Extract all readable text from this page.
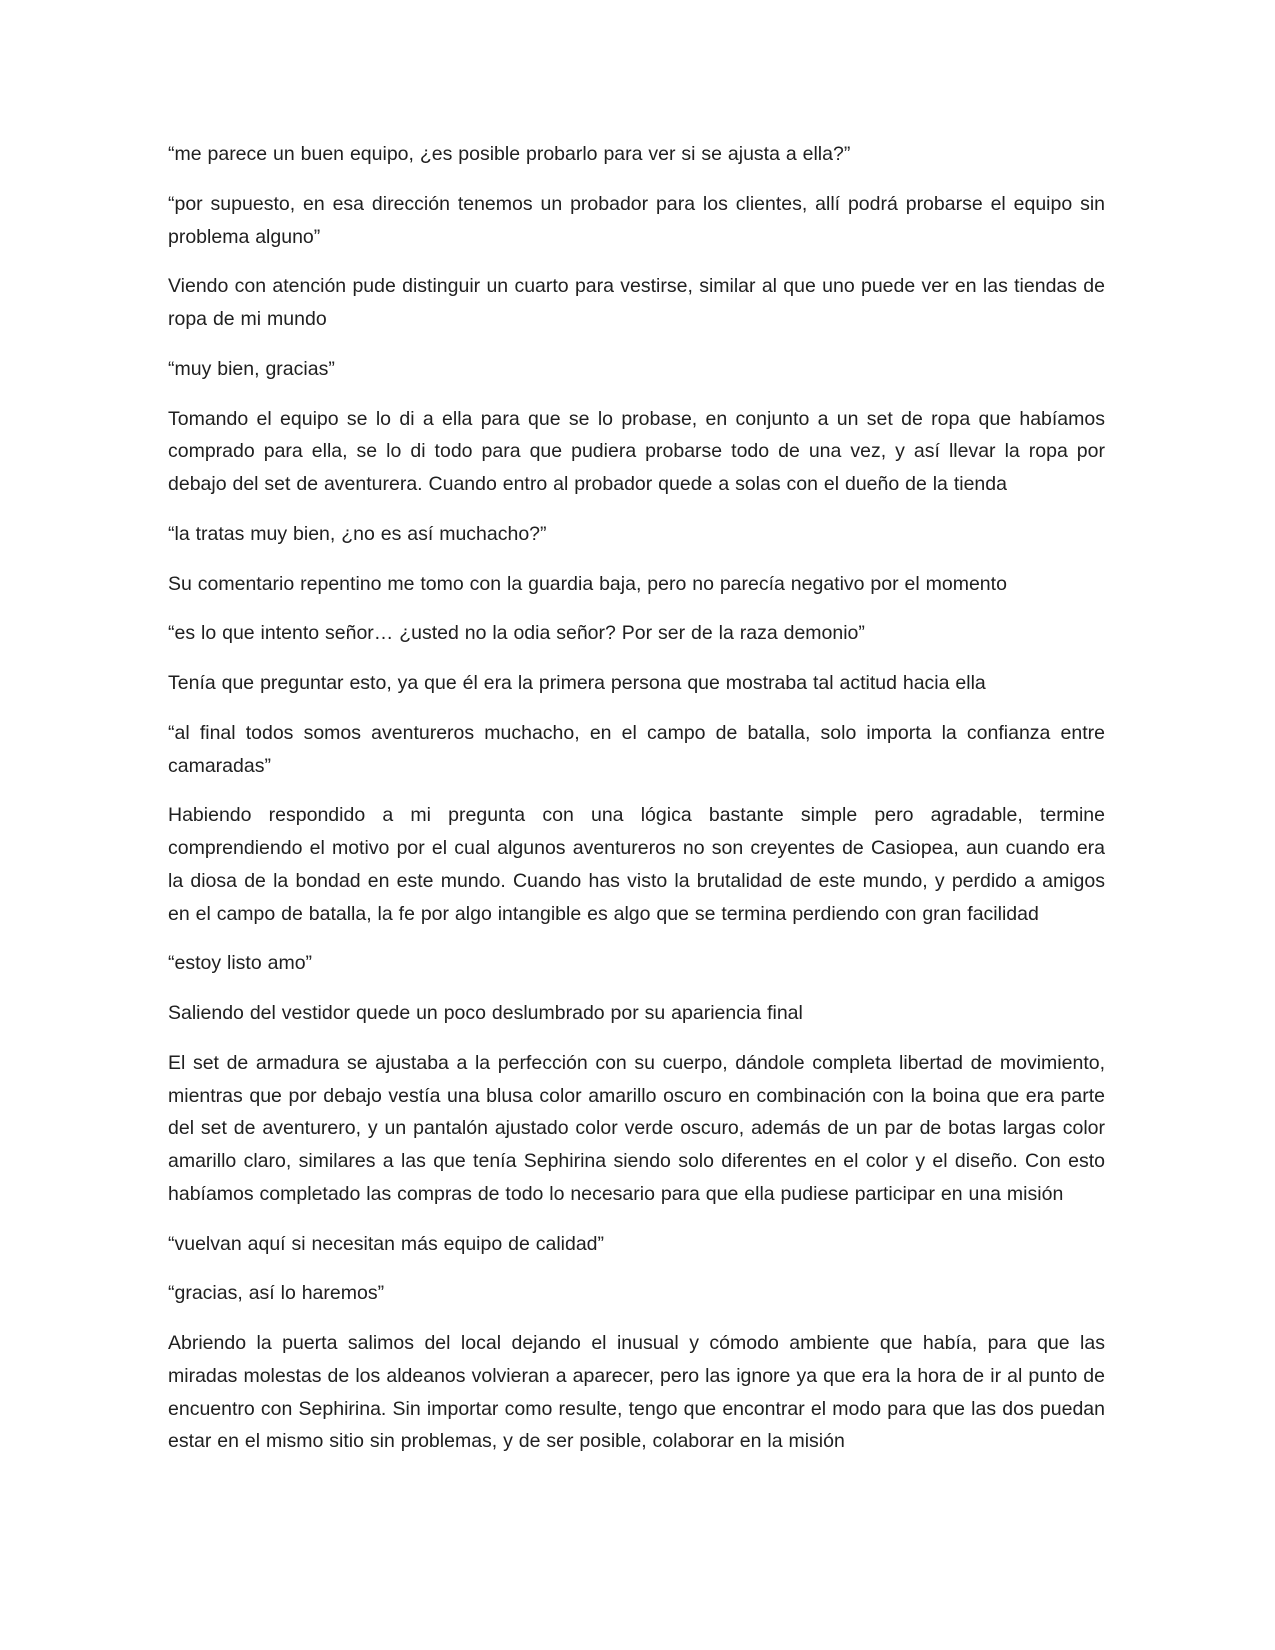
“me parece un buen equipo, ¿es posible probarlo para ver si se ajusta a ella?”

“por supuesto, en esa dirección tenemos un probador para los clientes, allí podrá probarse el equipo sin problema alguno”

Viendo con atención pude distinguir un cuarto para vestirse, similar al que uno puede ver en las tiendas de ropa de mi mundo

“muy bien, gracias”

Tomando el equipo se lo di a ella para que se lo probase, en conjunto a un set de ropa que habíamos comprado para ella, se lo di todo para que pudiera probarse todo de una vez, y así llevar la ropa por debajo del set de aventurera. Cuando entro al probador quede a solas con el dueño de la tienda

“la tratas muy bien, ¿no es así muchacho?”

Su comentario repentino me tomo con la guardia baja, pero no parecía negativo por el momento

“es lo que intento señor… ¿usted no la odia señor? Por ser de la raza demonio”

Tenía que preguntar esto, ya que él era la primera persona que mostraba tal actitud hacia ella

“al final todos somos aventureros muchacho, en el campo de batalla, solo importa la confianza entre camaradas”

Habiendo respondido a mi pregunta con una lógica bastante simple pero agradable, termine comprendiendo el motivo por el cual algunos aventureros no son creyentes de Casiopea, aun cuando era la diosa de la bondad en este mundo. Cuando has visto la brutalidad de este mundo, y perdido a amigos en el campo de batalla, la fe por algo intangible es algo que se termina perdiendo con gran facilidad

“estoy listo amo”

Saliendo del vestidor quede un poco deslumbrado por su apariencia final

El set de armadura se ajustaba a la perfección con su cuerpo, dándole completa libertad de movimiento, mientras que por debajo vestía una blusa color amarillo oscuro en combinación con la boina que era parte del set de aventurero, y un pantalón ajustado color verde oscuro, además de un par de botas largas color amarillo claro, similares a las que tenía Sephirina siendo solo diferentes en el color y el diseño. Con esto habíamos completado las compras de todo lo necesario para que ella pudiese participar en una misión

“vuelvan aquí si necesitan más equipo de calidad”

“gracias, así lo haremos”

Abriendo la puerta salimos del local dejando el inusual y cómodo ambiente que había, para que las miradas molestas de los aldeanos volvieran a aparecer, pero las ignore ya que era la hora de ir al punto de encuentro con Sephirina. Sin importar como resulte, tengo que encontrar el modo para que las dos puedan estar en el mismo sitio sin problemas, y de ser posible, colaborar en la misión
